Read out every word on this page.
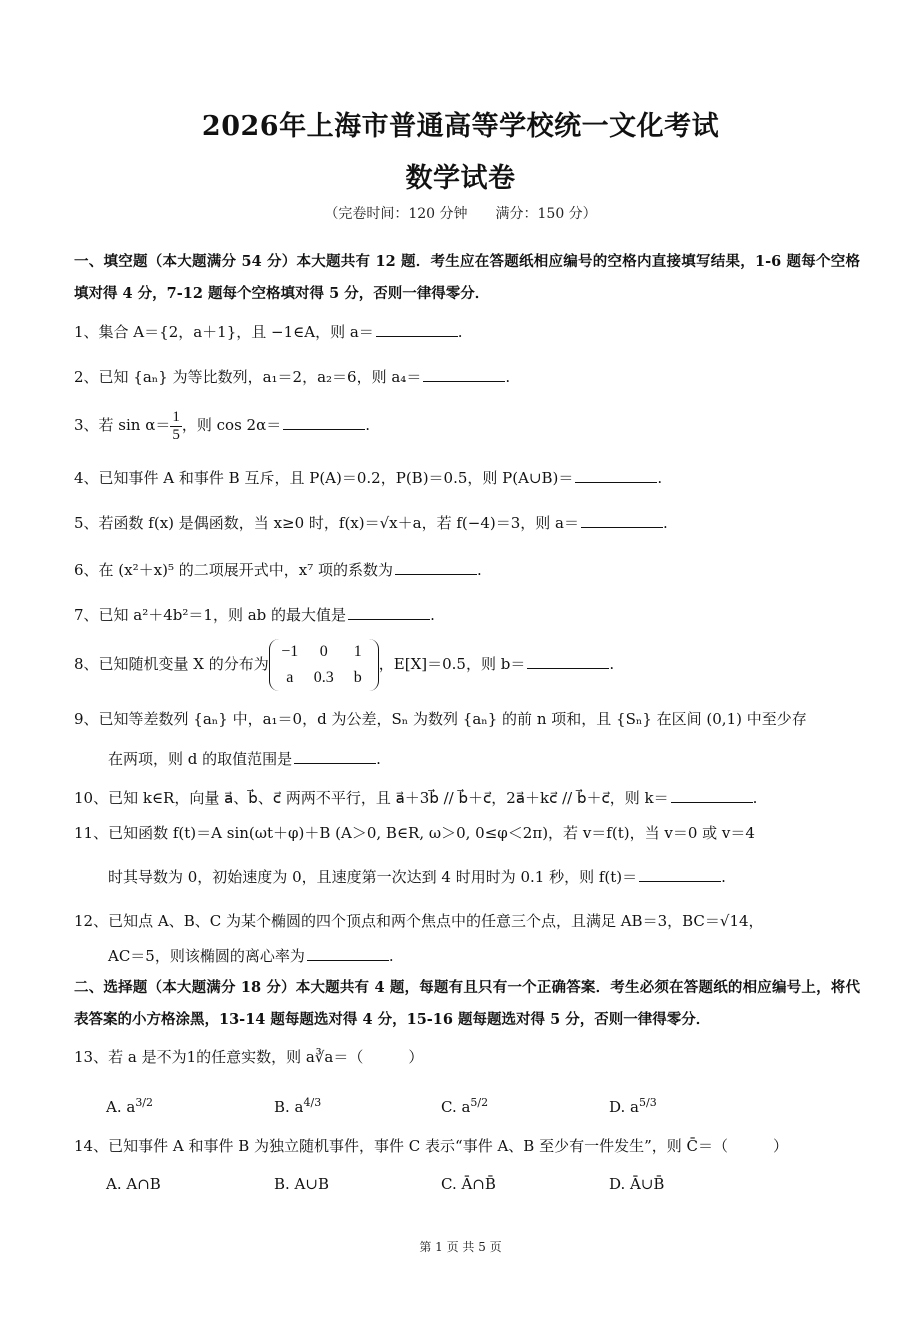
2026年上海市普通高等学校统一文化考试
数学试卷
（完卷时间：120 分钟　　满分：150 分）
一、填空题（本大题满分 54 分）本大题共有 12 题．考生应在答题纸相应编号的空格内直接填写结果，1-6 题每个空格填对得 4 分，7-12 题每个空格填对得 5 分，否则一律得零分．
1、集合 A＝{2，a＋1}，且 −1∈A，则 a＝	.
2、已知 {aₙ} 为等比数列，a₁＝2，a₂＝6，则 a₄＝	.
3、若 $\sin \alpha= \frac{1}{5}$ ，则 cos 2α＝	.
4、已知事件 A 和事件 B 互斥，且 P(A)＝0.2，P(B)＝0.5，则 P(A∪B)＝	.
5、若函数 f(x) 是偶函数，当 x≥0 时，f(x)＝√x＋a，若 f(−4)＝3，则 a＝	.
6、在 (x²＋x)⁵ 的二项展开式中，x⁷ 项的系数为	.
7、已知 a²＋4b²＝1，则 ab 的最大值是	.
8、已知随机变量 X 的分布为
−1	0	1
a	0.3	b
，E[X]＝0.5，则 b＝	.
9、已知等差数列 {aₙ} 中，a₁＝0，d 为公差，Sₙ 为数列 {aₙ} 的前 n 项和，且 {Sₙ} 在区间 (0,1) 中至少存
在两项，则 d 的取值范围是	.
10、已知 k∈R，向量 a⃗、b⃗、c⃗ 两两不平行，且 a⃗＋3b⃗ // b⃗＋c⃗，2a⃗＋kc⃗ // b⃗＋c⃗，则 k＝	.
11、已知函数 f(t)＝A sin(ωt＋φ)＋B (A＞0, B∈R, ω＞0, 0≤φ＜2π)，若 v＝f(t)，当 v＝0 或 v＝4
时其导数为 0，初始速度为 0，且速度第一次达到 4 时用时为 0.1 秒，则 f(t)＝	.
12、已知点 A、B、C 为某个椭圆的四个顶点和两个焦点中的任意三个点，且满足 AB＝3，BC＝√14，
AC＝5，则该椭圆的离心率为	.
二、选择题（本大题满分 18 分）本大题共有 4 题，每题有且只有一个正确答案．考生必须在答题纸的相应编号上，将代表答案的小方格涂黑，13-14 题每题选对得 4 分，15-16 题每题选对得 5 分，否则一律得零分．
13、若 a 是不为1的任意实数，则 a∛a＝（　　　）
A. $a^{3/2}$	B. $a^{4/3}$	C. $a^{5/2}$	D. $a^{5/3}$
14、已知事件 A 和事件 B 为独立随机事件，事件 C 表示“事件 A、B 至少有一件发生”，则 C̄＝（　　　）
A. A∩B	B. A∪B	C. Ā∩B̄	D. Ā∪B̄
第 1 页 共 5 页
